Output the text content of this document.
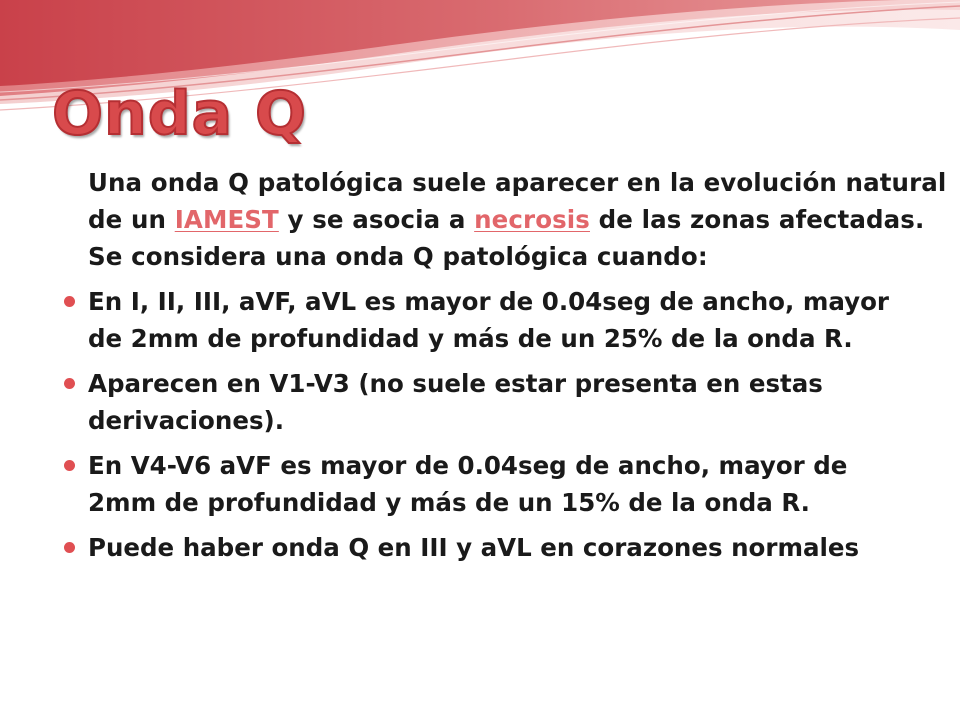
Onda Q

Una onda Q patológica suele aparecer en la evolución natural
de un IAMEST y se asocia a necrosis de las zonas afectadas.
Se considera una onda Q patológica cuando:

En I, II, III, aVF, aVL es mayor de 0.04seg de ancho, mayor
de 2mm de profundidad y más de un 25% de la onda R.
Aparecen en V1-V3 (no suele estar presenta en estas
derivaciones).
En V4-V6 aVF es mayor de 0.04seg de ancho, mayor de
2mm de profundidad y más de un 15% de la onda R.
Puede haber onda Q en III y aVL en corazones normales
